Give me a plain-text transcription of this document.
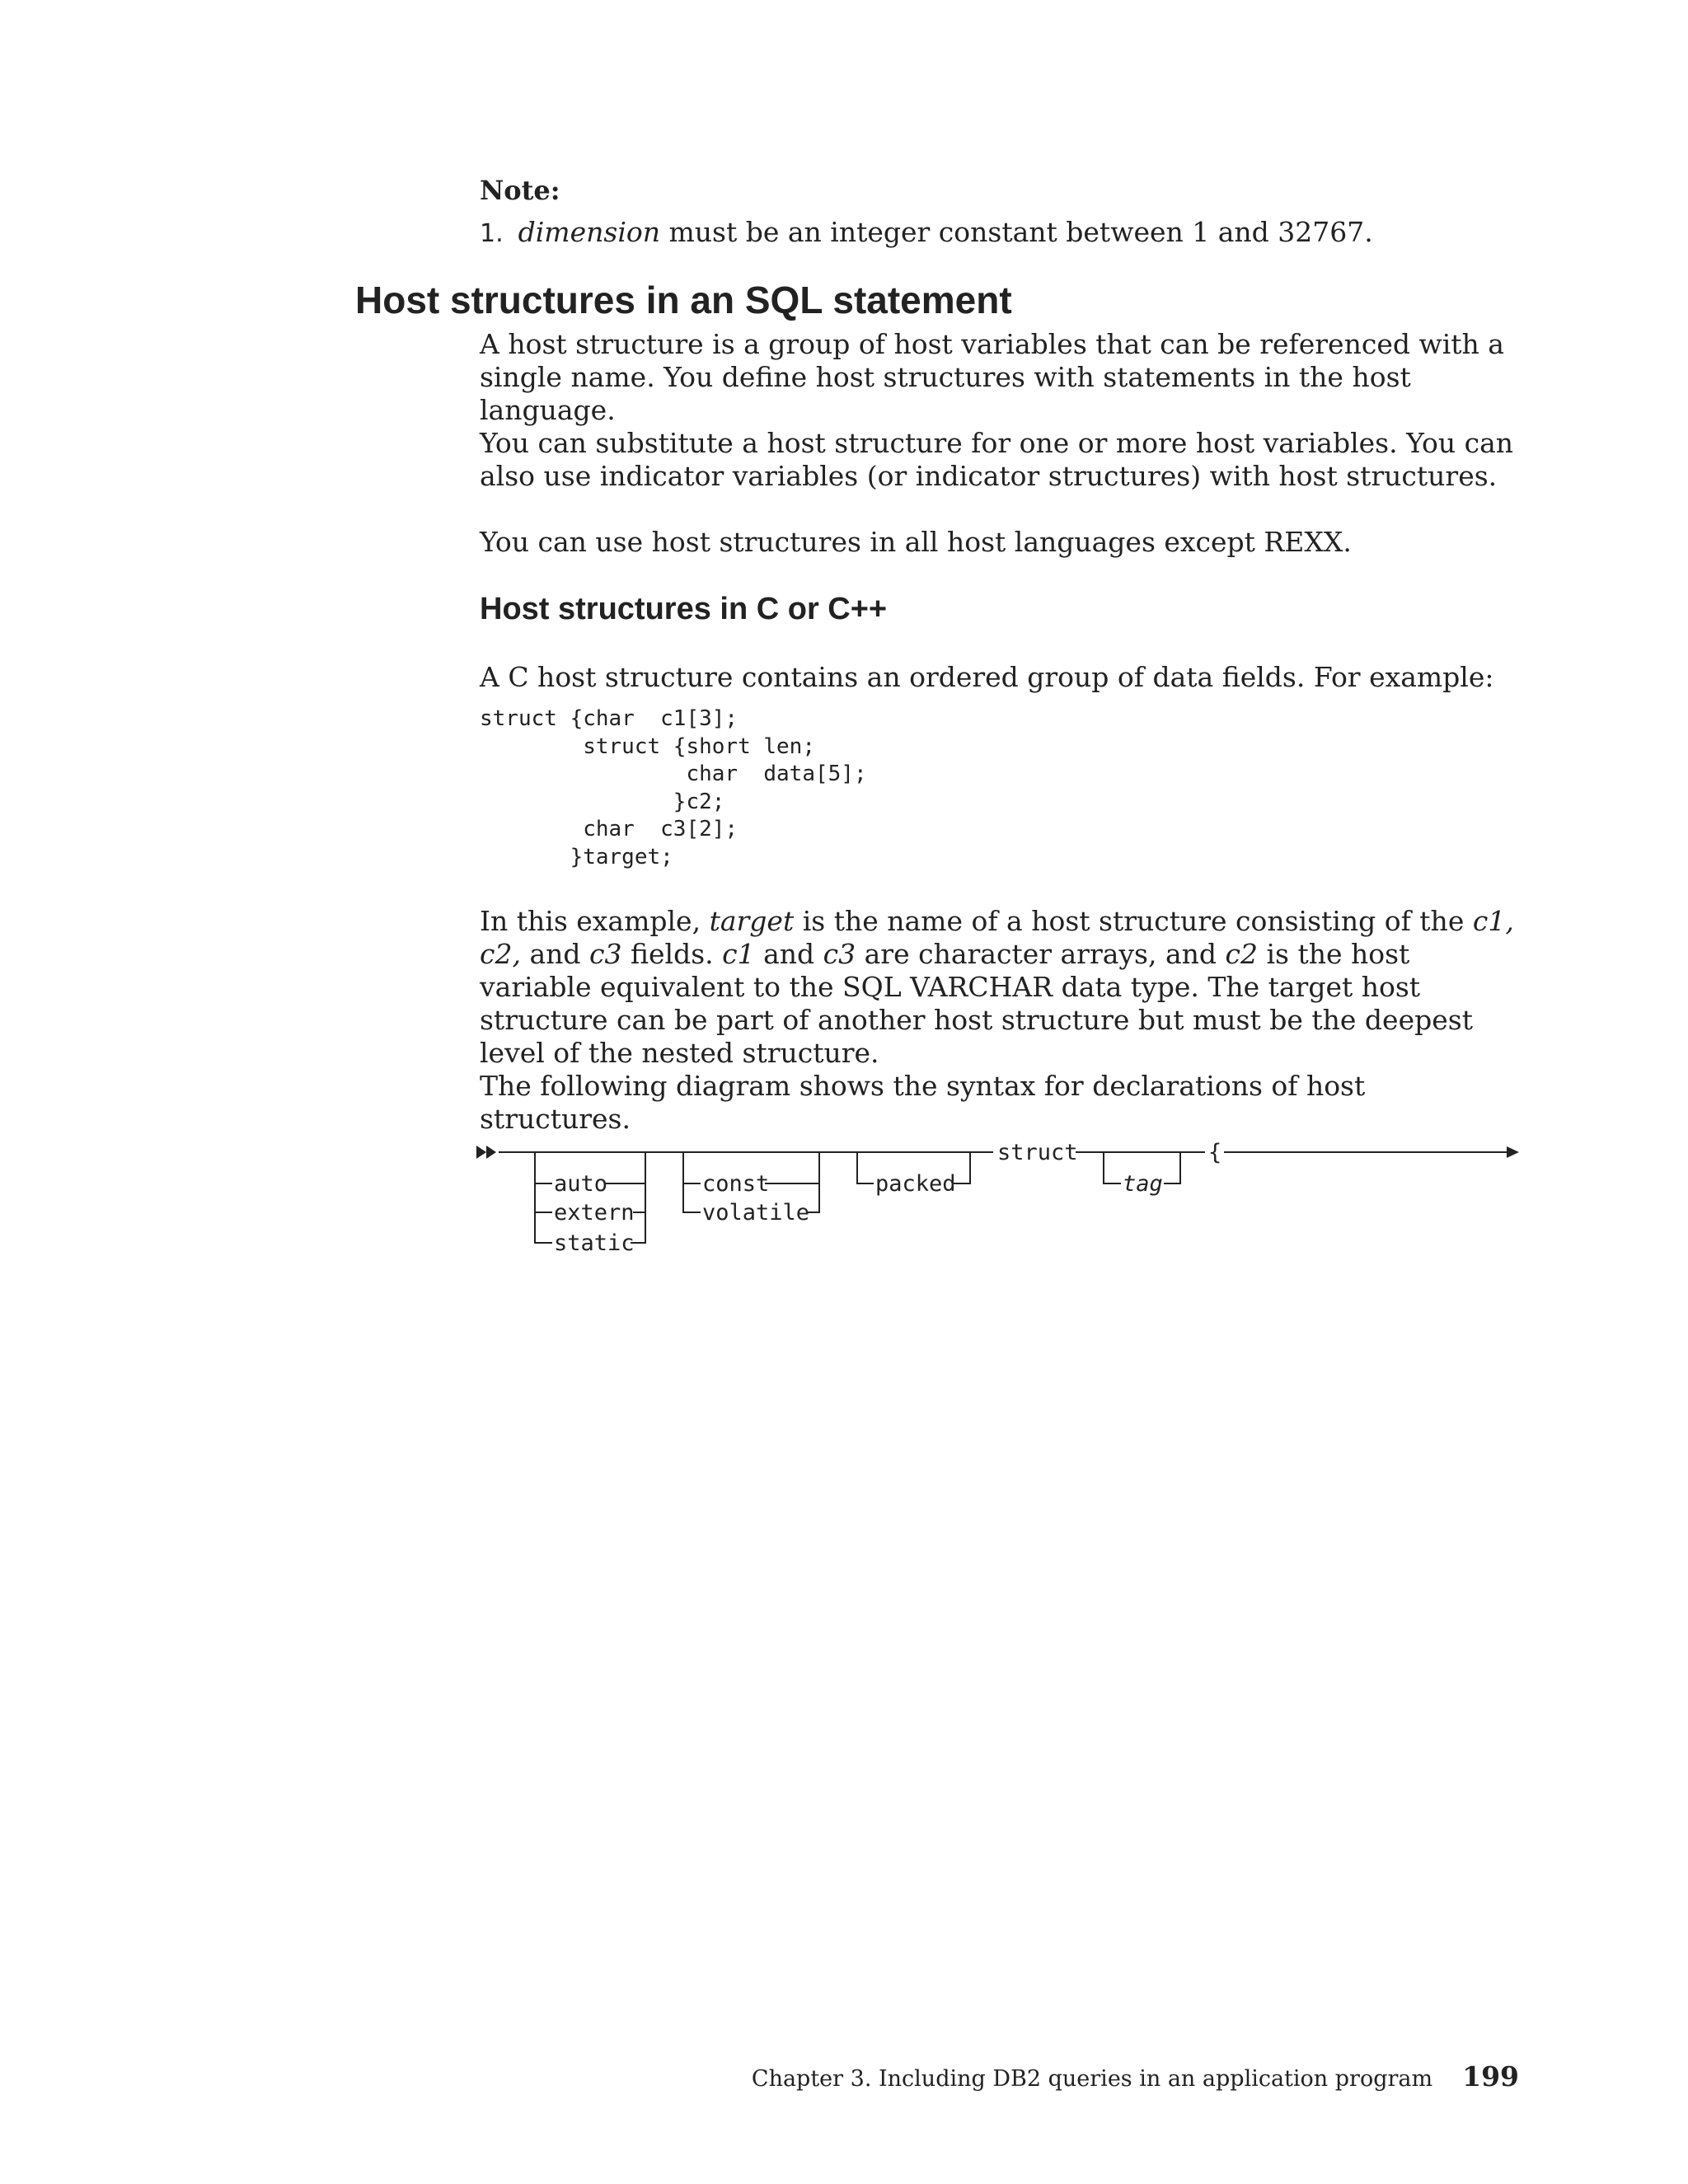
Note:
1. dimension must be an integer constant between 1 and 32767.
Host structures in an SQL statement

A host structure is a group of host variables that can be referenced with a single name. You define host structures with statements in the host language.

You can substitute a host structure for one or more host variables. You can also use indicator variables (or indicator structures) with host structures.

You can use host structures in all host languages except REXX.

Host structures in C or C++

A C host structure contains an ordered group of data fields. For example:

struct {char  c1[3];
struct {short len;
char  data[5];
}c2;
char  c3[2];
}target;

In this example, target is the name of a host structure consisting of the c1, c2, and c3 fields. c1 and c3 are character arrays, and c2 is the host variable equivalent to the SQL VARCHAR data type. The target host structure can be part of another host structure but must be the deepest level of the nested structure.

The following diagram shows the syntax for declarations of host structures.

auto
extern
static
const
volatile
packed
struct
tag
{
Chapter 3. Including DB2 queries in an application program 199
